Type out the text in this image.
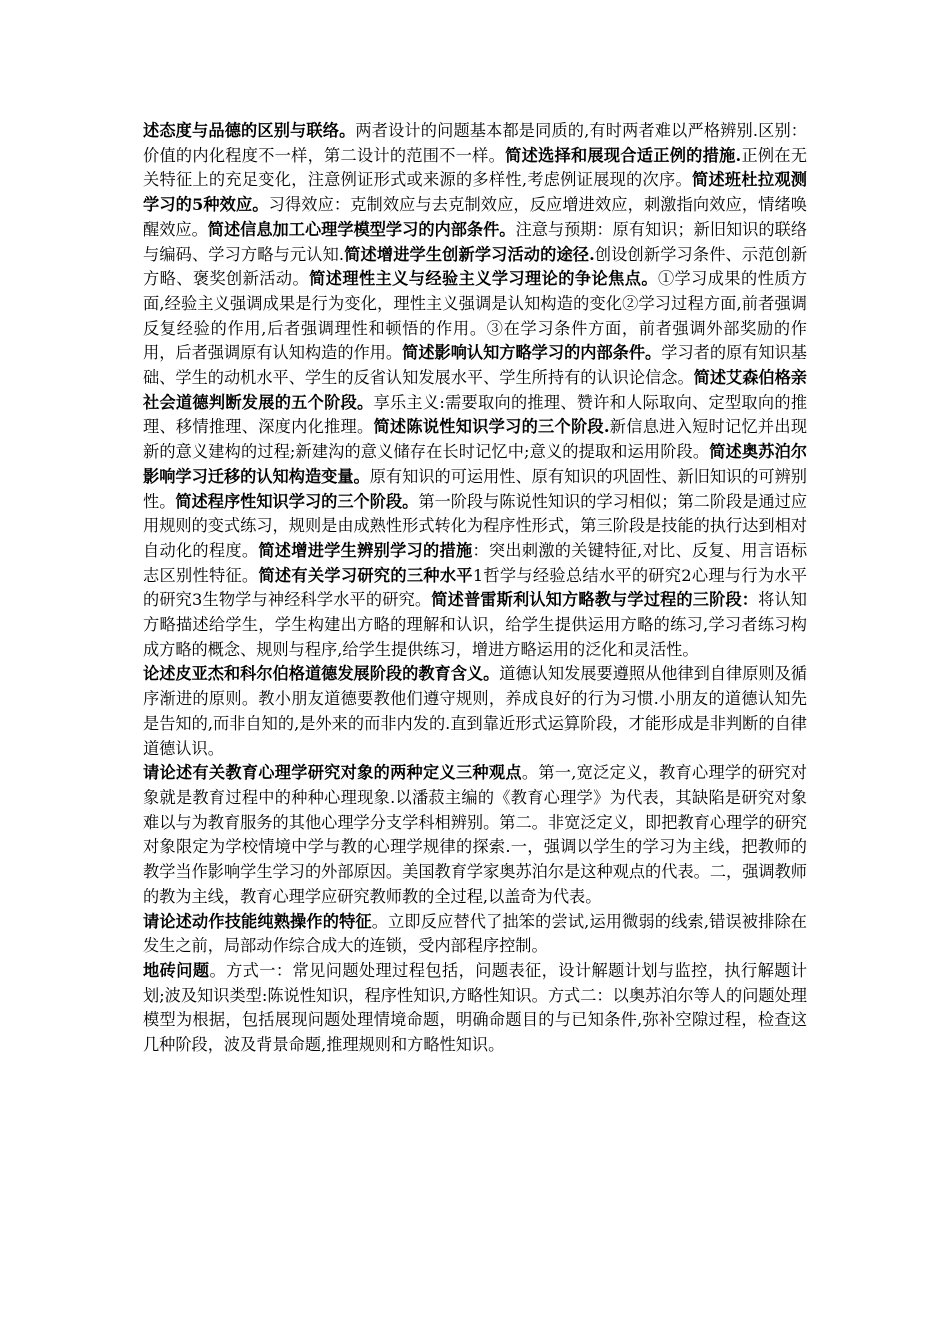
述态度与品德的区别与联络。两者设计的问题基本都是同质的,有时两者难以严格辨别.区别：价值的内化程度不一样，第二设计的范围不一样。简述选择和展现合适正例的措施.正例在无关特征上的充足变化，注意例证形式或来源的多样性,考虑例证展现的次序。简述班杜拉观测学习的5种效应。习得效应：克制效应与去克制效应，反应增进效应，刺激指向效应，情绪唤醒效应。简述信息加工心理学模型学习的内部条件。注意与预期：原有知识；新旧知识的联络与编码、学习方略与元认知.简述增进学生创新学习活动的途径.创设创新学习条件、示范创新方略、褒奖创新活动。简述理性主义与经验主义学习理论的争论焦点。①学习成果的性质方面,经验主义强调成果是行为变化，理性主义强调是认知构造的变化②学习过程方面,前者强调反复经验的作用,后者强调理性和顿悟的作用。③在学习条件方面，前者强调外部奖励的作用，后者强调原有认知构造的作用。简述影响认知方略学习的内部条件。学习者的原有知识基础、学生的动机水平、学生的反省认知发展水平、学生所持有的认识论信念。简述艾森伯格亲社会道德判断发展的五个阶段。享乐主义:需要取向的推理、赞许和人际取向、定型取向的推理、移情推理、深度内化推理。简述陈说性知识学习的三个阶段.新信息进入短时记忆并出现新的意义建构的过程;新建沟的意义储存在长时记忆中;意义的提取和运用阶段。简述奥苏泊尔影响学习迁移的认知构造变量。原有知识的可运用性、原有知识的巩固性、新旧知识的可辨别性。简述程序性知识学习的三个阶段。第一阶段与陈说性知识的学习相似；第二阶段是通过应用规则的变式练习，规则是由成熟性形式转化为程序性形式，第三阶段是技能的执行达到相对自动化的程度。简述增进学生辨别学习的措施：突出刺激的关键特征,对比、反复、用言语标志区别性特征。简述有关学习研究的三种水平1哲学与经验总结水平的研究2心理与行为水平的研究3生物学与神经科学水平的研究。简述普雷斯利认知方略教与学过程的三阶段：将认知方略描述给学生，学生构建出方略的理解和认识，给学生提供运用方略的练习,学习者练习构成方略的概念、规则与程序,给学生提供练习，增进方略运用的泛化和灵活性。

论述皮亚杰和科尔伯格道德发展阶段的教育含义。道德认知发展要遵照从他律到自律原则及循序渐进的原则。教小朋友道德要教他们遵守规则，养成良好的行为习惯.小朋友的道德认知先是告知的,而非自知的,是外来的而非内发的.直到靠近形式运算阶段，才能形成是非判断的自律道德认识。

请论述有关教育心理学研究对象的两种定义三种观点。第一,宽泛定义，教育心理学的研究对象就是教育过程中的种种心理现象.以潘菽主编的《教育心理学》为代表，其缺陷是研究对象难以与为教育服务的其他心理学分支学科相辨别。第二。非宽泛定义，即把教育心理学的研究对象限定为学校情境中学与教的心理学规律的探索.一，强调以学生的学习为主线，把教师的教学当作影响学生学习的外部原因。美国教育学家奥苏泊尔是这种观点的代表。二，强调教师的教为主线，教育心理学应研究教师教的全过程,以盖奇为代表。

请论述动作技能纯熟操作的特征。立即反应替代了拙笨的尝试,运用微弱的线索,错误被排除在发生之前，局部动作综合成大的连锁，受内部程序控制。

地砖问题。方式一：常见问题处理过程包括，问题表征，设计解题计划与监控，执行解题计划;波及知识类型:陈说性知识，程序性知识,方略性知识。方式二：以奥苏泊尔等人的问题处理模型为根据，包括展现问题处理情境命题，明确命题目的与已知条件,弥补空隙过程，检查这几种阶段，波及背景命题,推理规则和方略性知识。
